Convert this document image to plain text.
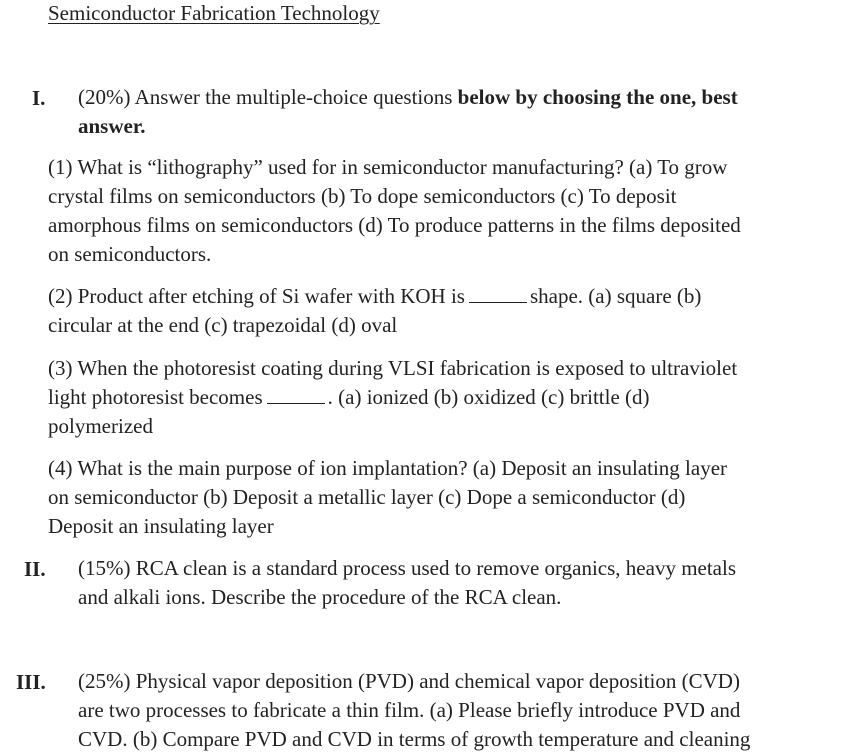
Semiconductor Fabrication Technology
I. (20%) Answer the multiple-choice questions below by choosing the one, best
answer.
(1) What is “lithography” used for in semiconductor manufacturing? (a) To grow
crystal films on semiconductors (b) To dope semiconductors (c) To deposit
amorphous films on semiconductors (d) To produce patterns in the films deposited
on semiconductors.
(2) Product after etching of Si wafer with KOH is	shape. (a) square (b)
circular at the end (c) trapezoidal (d) oval
(3) When the photoresist coating during VLSI fabrication is exposed to ultraviolet
light photoresist becomes	. (a) ionized (b) oxidized (c) brittle (d)
polymerized
(4) What is the main purpose of ion implantation? (a) Deposit an insulating layer
on semiconductor (b) Deposit a metallic layer (c) Dope a semiconductor (d)
Deposit an insulating layer
II. (15%) RCA clean is a standard process used to remove organics, heavy metals
and alkali ions. Describe the procedure of the RCA clean.
III. (25%) Physical vapor deposition (PVD) and chemical vapor deposition (CVD)
are two processes to fabricate a thin film. (a) Please briefly introduce PVD and
CVD. (b) Compare PVD and CVD in terms of growth temperature and cleaning
